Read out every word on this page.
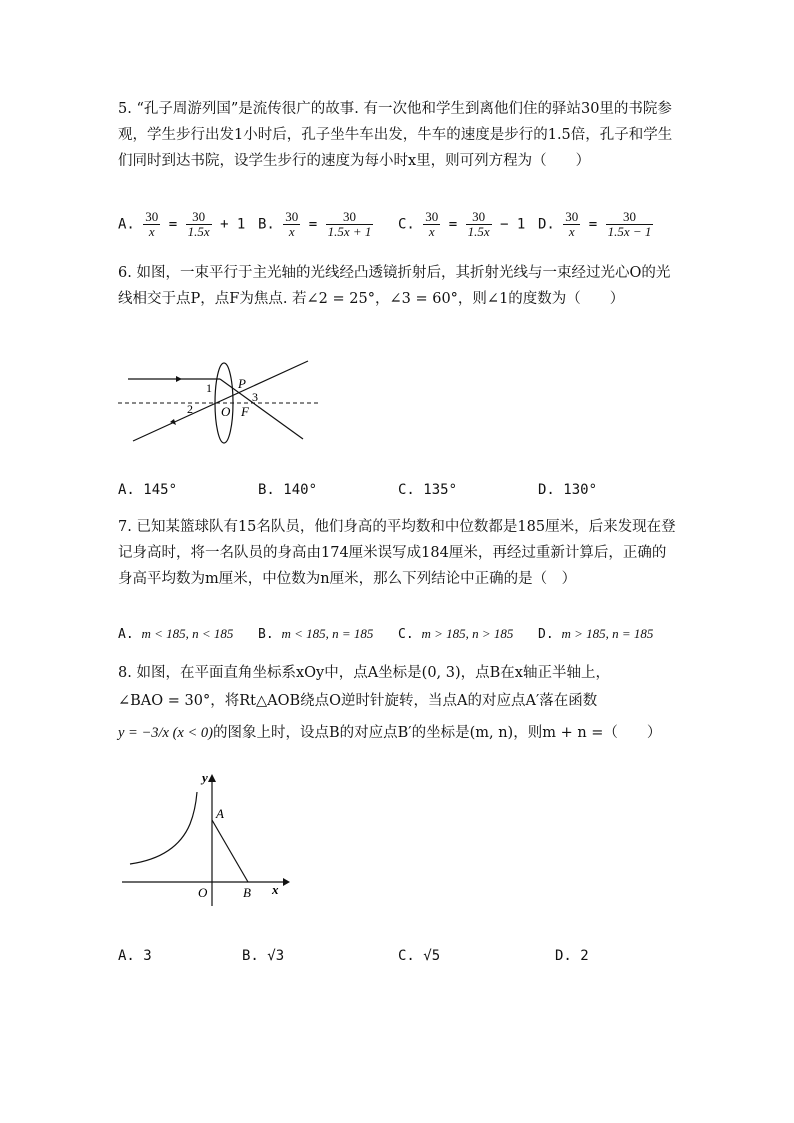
5. “孔子周游列国”是流传很广的故事. 有一次他和学生到离他们住的驿站30里的书院参观，学生步行出发1小时后，孔子坐牛车出发，牛车的速度是步行的1.5倍，孔子和学生们同时到达书院，设学生步行的速度为每小时x里，则可列方程为（　　）
A. $\frac{30}{x} = \frac{30}{1.5x} + 1$ B. $\frac{30}{x} = \frac{30}{1.5x + 1} C$. $\frac{30}{x} = \frac{30}{1.5x} - 1$ D. $\frac{30}{x} = \frac{30}{1.5x - 1}$
6. 如图，一束平行于主光轴的光线经凸透镜折射后，其折射光线与一束经过光心O的光线相交于点P，点F为焦点. 若∠2 = 25°，∠3 = 60°，则∠1的度数为（　　）
1
2
3
P
O F
A. 145°	B. 140°	C. 135°	D. 130°
7. 已知某篮球队有15名队员，他们身高的平均数和中位数都是185厘米，后来发现在登记身高时，将一名队员的身高由174厘米误写成184厘米，再经过重新计算后，正确的身高平均数为m厘米，中位数为n厘米，那么下列结论中正确的是（　）
A. m < 185, n < 185 B. m < 185, n = 185 C. m > 185, n > 185 D. m > 185, n = 185
8. 如图，在平面直角坐标系xOy中，点A坐标是(0, 3)，点B在x轴正半轴上，
∠BAO = 30°，将Rt△AOB绕点O逆时针旋转，当点A的对应点A′落在函数
y = −3/x (x < 0)的图象上时，设点B的对应点B′的坐标是(m, n)，则m + n =（　　）
y
x
A
O	B
A. 3	B. √3	C. √5	D. 2
